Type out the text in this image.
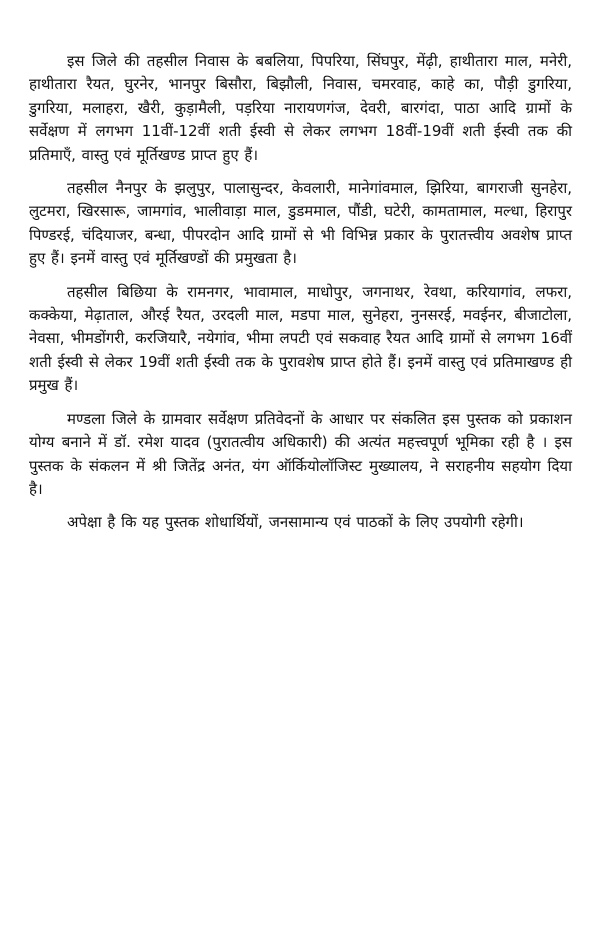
इस जिले की तहसील निवास के बबलिया, पिपरिया, सिंघपुर, मेंढ़ी, हाथीतारा माल, मनेरी, हाथीतारा रैयत, घुरनेर, भानपुर बिसौरा, बिझौली, निवास, चमरवाह, काहे का, पौड़ी डुगरिया, डुगरिया, मलाहरा, खैरी, कुड़ामैली, पड़रिया नारायणगंज, देवरी, बारगंदा, पाठा आदि ग्रामों के सर्वेक्षण में लगभग 11वीं-12वीं शती ईस्वी से लेकर लगभग 18वीं-19वीं शती ईस्वी तक की प्रतिमाएँ, वास्तु एवं मूर्तिखण्ड प्राप्त हुए हैं।

तहसील नैनपुर के झलुपुर, पालासुन्दर, केवलारी, मानेगांवमाल, झिरिया, बागराजी सुनहेरा, लुटमरा, खिरसारू, जामगांव, भालीवाड़ा माल, डुडममाल, पौंडी, घटेरी, कामतामाल, मल्धा, हिरापुर पिण्डरई, चंदियाजर, बन्धा, पीपरदोन आदि ग्रामों से भी विभिन्न प्रकार के पुरातत्त्वीय अवशेष प्राप्त हुए हैं। इनमें वास्तु एवं मूर्तिखण्डों की प्रमुखता है।

तहसील बिछिया के रामनगर, भावामाल, माधोपुर, जगनाथर, रेवथा, करियागांव, लफरा, कक्केया, मेढ़ाताल, औरई रैयत, उरदली माल, मडपा माल, सुनेहरा, नुनसरई, मवईनर, बीजाटोला, नेवसा, भीमडोंगरी, करजियारै, नयेगांव, भीमा लपटी एवं सकवाह रैयत आदि ग्रामों से लगभग 16वीं शती ईस्वी से लेकर 19वीं शती ईस्वी तक के पुरावशेष प्राप्त होते हैं। इनमें वास्तु एवं प्रतिमाखण्ड ही प्रमुख हैं।

मण्डला जिले के ग्रामवार सर्वेक्षण प्रतिवेदनों के आधार पर संकलित इस पुस्तक को प्रकाशन योग्य बनाने में डॉ. रमेश यादव (पुरातत्वीय अधिकारी) की अत्यंत महत्त्वपूर्ण भूमिका रही है । इस पुस्तक के संकलन में श्री जितेंद्र अनंत, यंग ऑर्कियोलॉजिस्ट मुख्यालय, ने सराहनीय सहयोग दिया है।

अपेक्षा है कि यह पुस्तक शोधार्थियों, जनसामान्य एवं पाठकों के लिए उपयोगी रहेगी।
